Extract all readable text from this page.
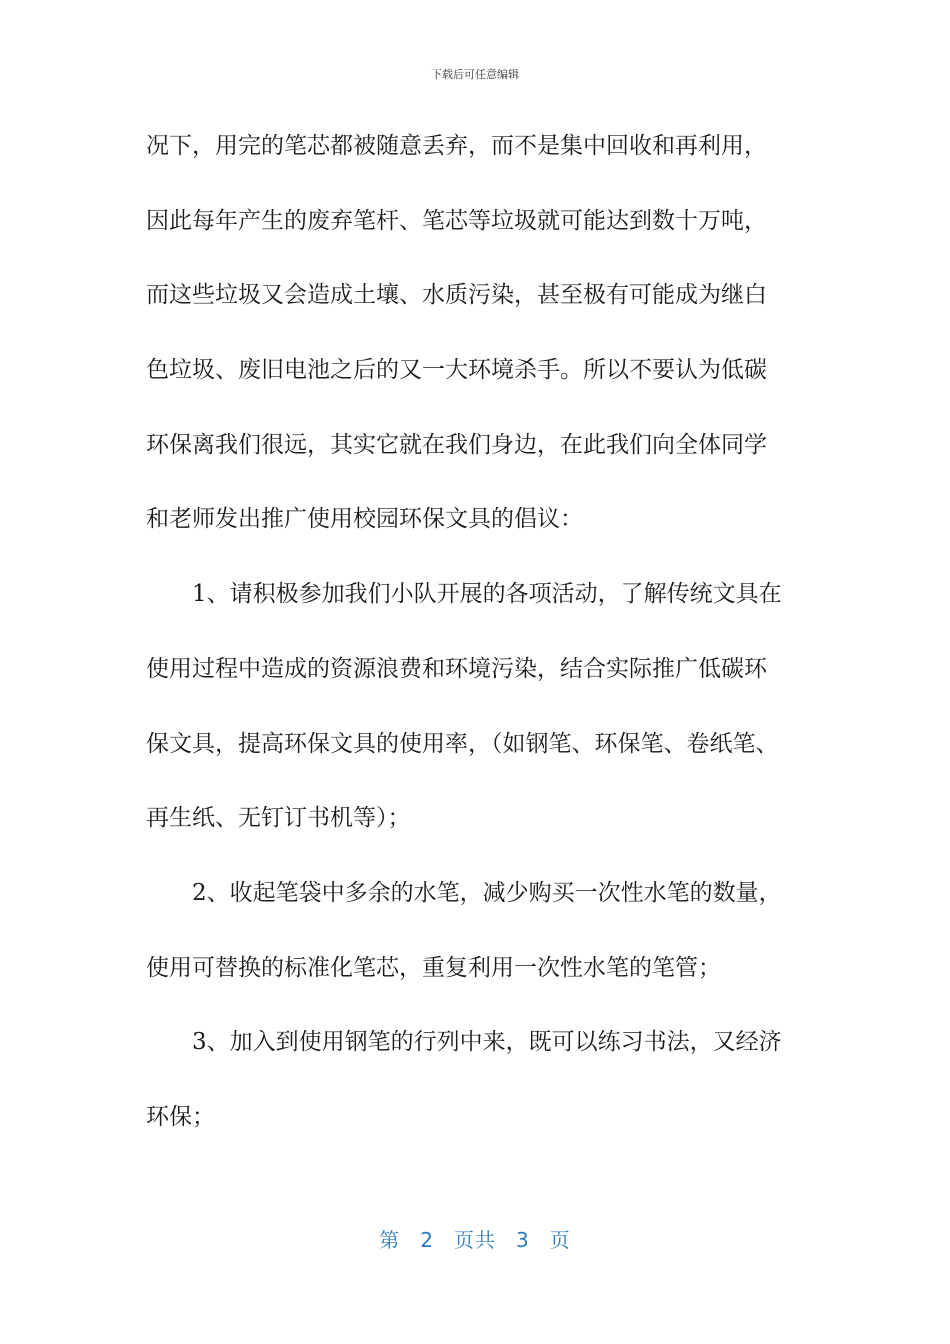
下载后可任意编辑
况下，用完的笔芯都被随意丢弃，而不是集中回收和再利用，
因此每年产生的废弃笔杆、笔芯等垃圾就可能达到数十万吨，
而这些垃圾又会造成土壤、水质污染，甚至极有可能成为继白
色垃圾、废旧电池之后的又一大环境杀手。所以不要认为低碳
环保离我们很远，其实它就在我们身边，在此我们向全体同学
和老师发出推广使用校园环保文具的倡议：
1、请积极参加我们小队开展的各项活动，了解传统文具在
使用过程中造成的资源浪费和环境污染，结合实际推广低碳环
保文具，提高环保文具的使用率，（如钢笔、环保笔、卷纸笔、
再生纸、无钉订书机等）；
2、收起笔袋中多余的水笔，减少购买一次性水笔的数量，
使用可替换的标准化笔芯，重复利用一次性水笔的笔管；
3、加入到使用钢笔的行列中来，既可以练习书法，又经济
环保；
第 2 页共 3 页
